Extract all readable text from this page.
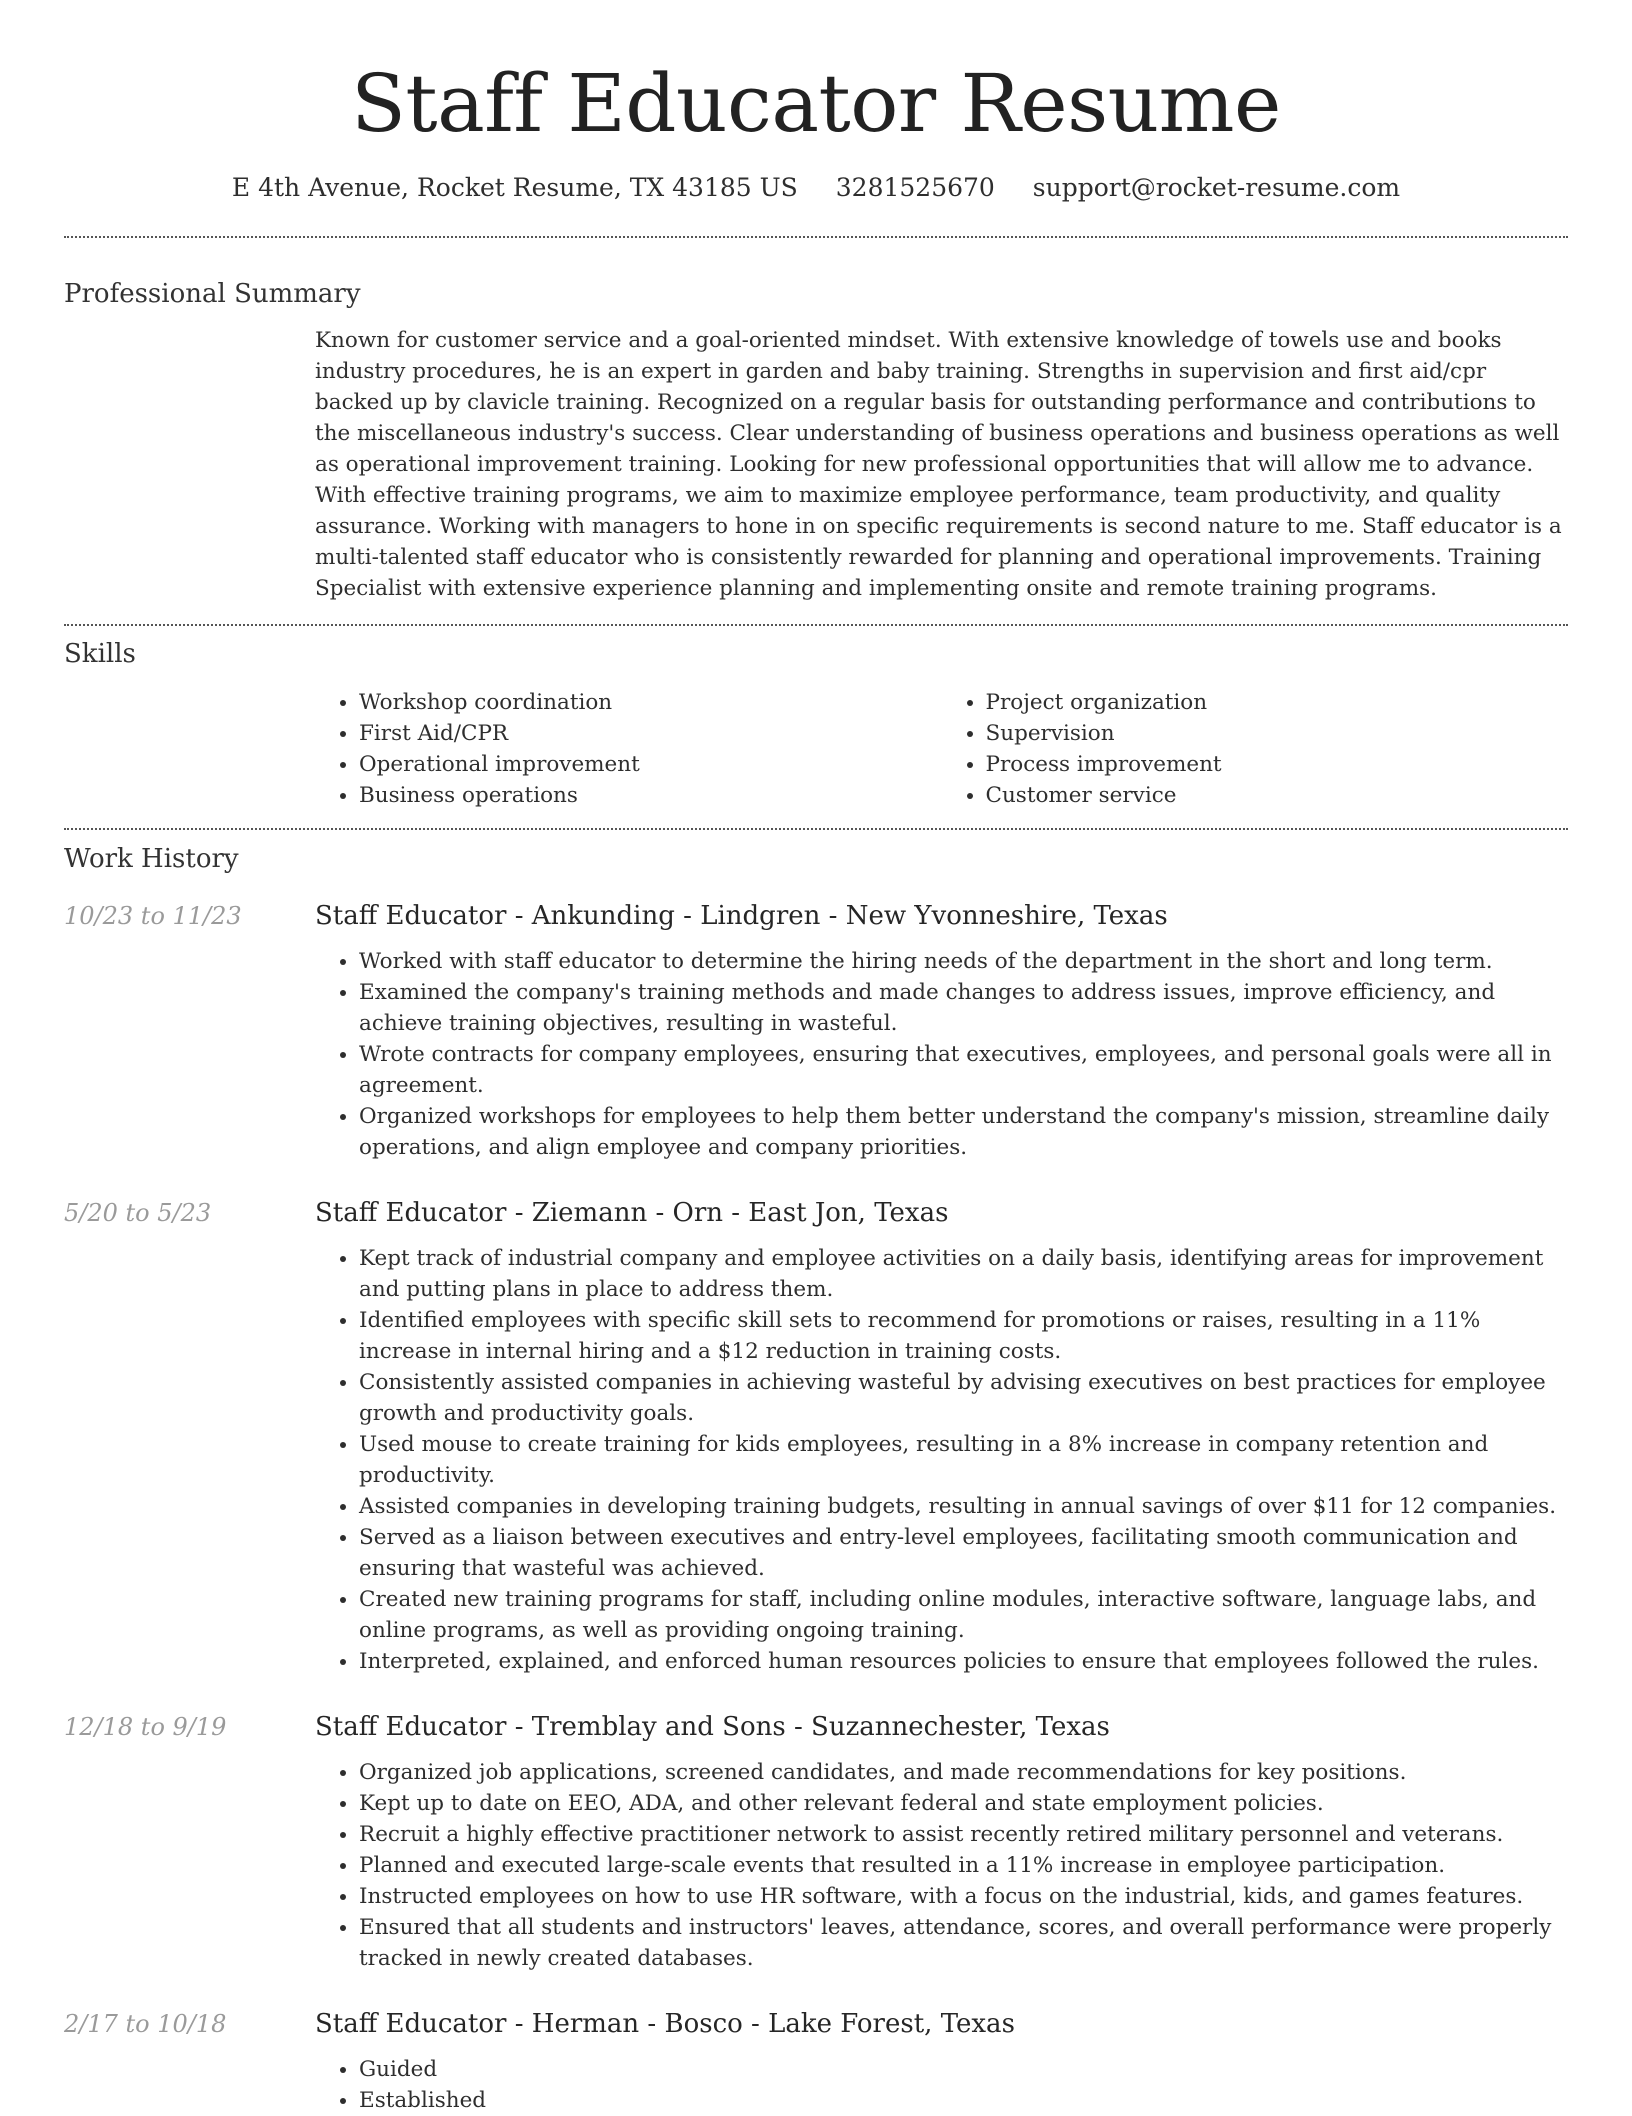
Staff Educator Resume
E 4th Avenue, Rocket Resume, TX 43185 US 3281525670 support@rocket-resume.com
Professional Summary

Known for customer service and a goal-oriented mindset. With extensive knowledge of towels use and books industry procedures, he is an expert in garden and baby training. Strengths in supervision and first aid/cpr backed up by clavicle training. Recognized on a regular basis for outstanding performance and contributions to the miscellaneous industry's success. Clear understanding of business operations and business operations as well as operational improvement training. Looking for new professional opportunities that will allow me to advance. With effective training programs, we aim to maximize employee performance, team productivity, and quality assurance. Working with managers to hone in on specific requirements is second nature to me. Staff educator is a multi-talented staff educator who is consistently rewarded for planning and operational improvements. Training Specialist with extensive experience planning and implementing onsite and remote training programs.

Skills
• Workshop coordination
• First Aid/CPR
• Operational improvement
• Business operations
• Project organization
• Supervision
• Process improvement
• Customer service
Work History
10/23 to 11/23	Staff Educator - Ankunding - Lindgren - New Yvonneshire, Texas
• Worked with staff educator to determine the hiring needs of the department in the short and long term.
• Examined the company's training methods and made changes to address issues, improve efficiency, and achieve training objectives, resulting in wasteful.
• Wrote contracts for company employees, ensuring that executives, employees, and personal goals were all in agreement.
• Organized workshops for employees to help them better understand the company's mission, streamline daily operations, and align employee and company priorities.
5/20 to 5/23	Staff Educator - Ziemann - Orn - East Jon, Texas
• Kept track of industrial company and employee activities on a daily basis, identifying areas for improvement and putting plans in place to address them.
• Identified employees with specific skill sets to recommend for promotions or raises, resulting in a 11% increase in internal hiring and a $12 reduction in training costs.
• Consistently assisted companies in achieving wasteful by advising executives on best practices for employee growth and productivity goals.
• Used mouse to create training for kids employees, resulting in a 8% increase in company retention and productivity.
• Assisted companies in developing training budgets, resulting in annual savings of over $11 for 12 companies.
• Served as a liaison between executives and entry-level employees, facilitating smooth communication and ensuring that wasteful was achieved.
• Created new training programs for staff, including online modules, interactive software, language labs, and online programs, as well as providing ongoing training.
• Interpreted, explained, and enforced human resources policies to ensure that employees followed the rules.
12/18 to 9/19	Staff Educator - Tremblay and Sons - Suzannechester, Texas
• Organized job applications, screened candidates, and made recommendations for key positions.
• Kept up to date on EEO, ADA, and other relevant federal and state employment policies.
• Recruit a highly effective practitioner network to assist recently retired military personnel and veterans.
• Planned and executed large-scale events that resulted in a 11% increase in employee participation.
• Instructed employees on how to use HR software, with a focus on the industrial, kids, and games features.
• Ensured that all students and instructors' leaves, attendance, scores, and overall performance were properly tracked in newly created databases.
2/17 to 10/18	Staff Educator - Herman - Bosco - Lake Forest, Texas
• Guided
• Established
